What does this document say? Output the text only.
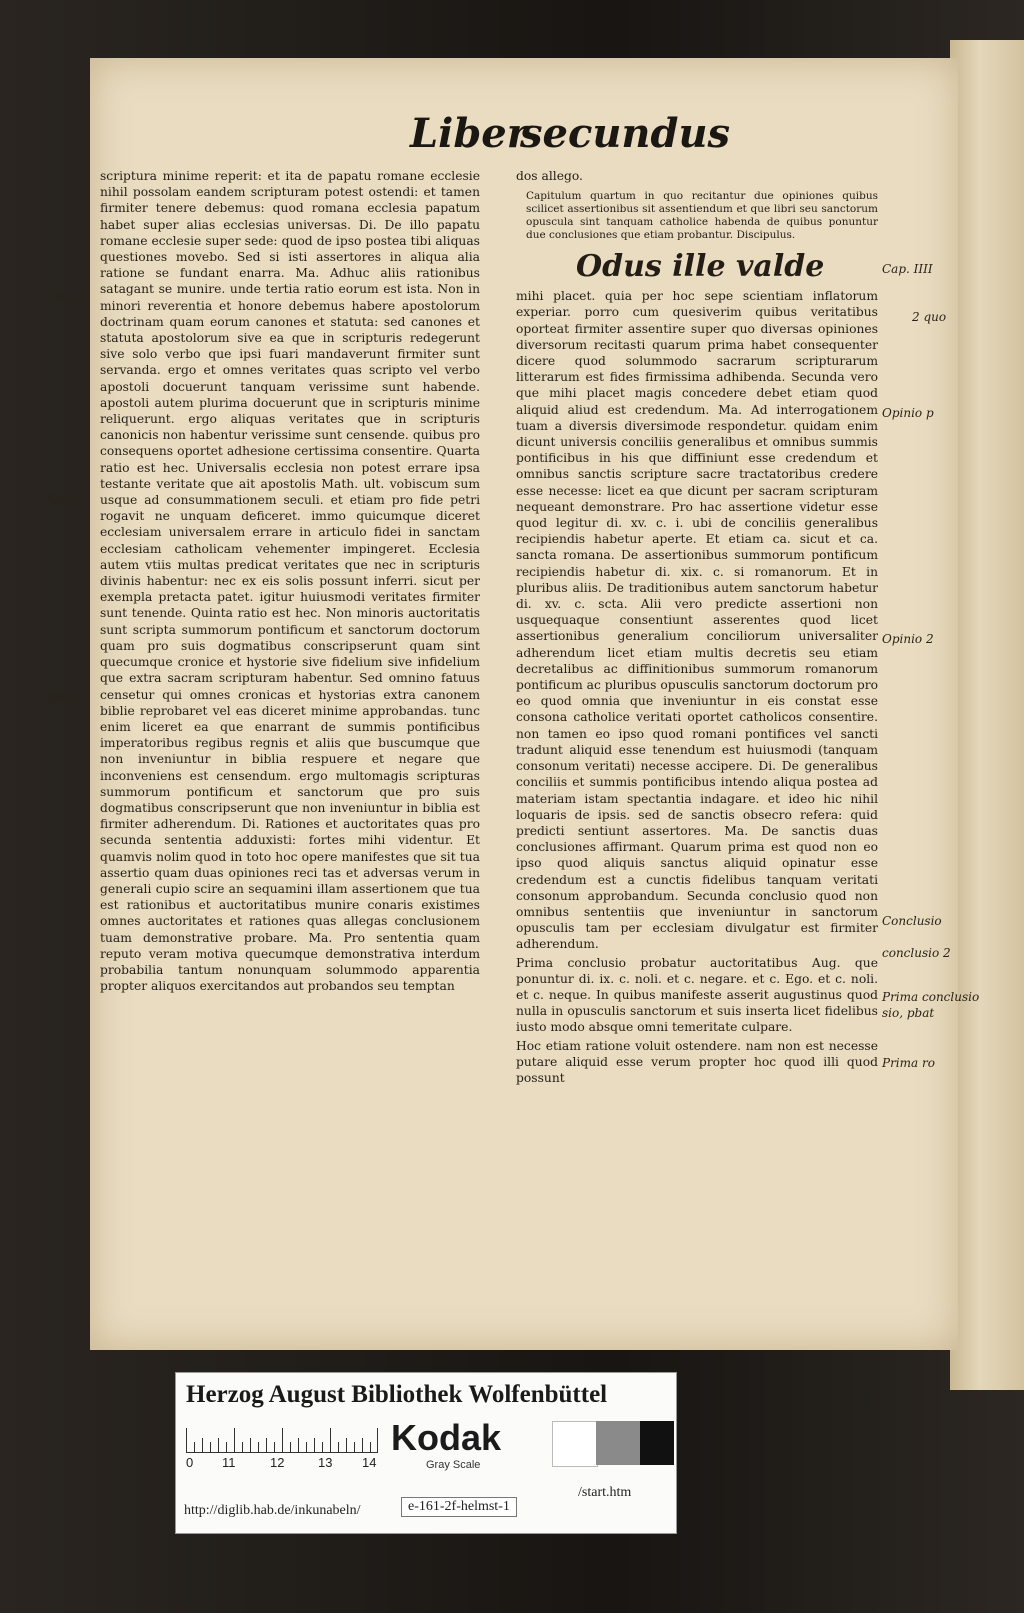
Liber
secundus

scriptura minime reperit: et ita de papatu romane ecclesie nihil possolam eandem scripturam potest ostendi: et tamen firmiter tenere debemus: quod romana ecclesia papatum habet super alias ecclesias universas. Di. De illo papatu romane ecclesie super sede: quod de ipso postea tibi aliquas questiones movebo. Sed si isti assertores in aliqua alia ratione se fundant enarra. Ma. Adhuc aliis rationibus satagant se munire. unde tertia ratio eorum est ista. Non in minori reverentia et honore debemus habere apostolorum doctrinam quam eorum canones et statuta: sed canones et statuta apostolorum sive ea que in scripturis redegerunt sive solo verbo que ipsi fuari mandaverunt firmiter sunt servanda. ergo et omnes veritates quas scripto vel verbo apostoli docuerunt tanquam verissime sunt habende. apostoli autem plurima docuerunt que in scripturis minime reliquerunt. ergo aliquas veritates que in scripturis canonicis non habentur verissime sunt censende. quibus pro consequens oportet adhesione certissima consentire. Quarta ratio est hec. Universalis ecclesia non potest errare ipsa testante veritate que ait apostolis Math. ult. vobiscum sum usque ad consummationem seculi. et etiam pro fide petri rogavit ne unquam deficeret. immo quicumque diceret ecclesiam universalem errare in articulo fidei in sanctam ecclesiam catholicam vehementer impingeret. Ecclesia autem vtiis multas predicat veritates que nec in scripturis divinis habentur: nec ex eis solis possunt inferri. sicut per exempla pretacta patet. igitur huiusmodi veritates firmiter sunt tenende. Quinta ratio est hec. Non minoris auctoritatis sunt scripta summorum pontificum et sanctorum doctorum quam pro suis dogmatibus conscripserunt quam sint quecumque cronice et hystorie sive fidelium sive infidelium que extra sacram scripturam habentur. Sed omnino fatuus censetur qui omnes cronicas et hystorias extra canonem biblie reprobaret vel eas diceret minime approbandas. tunc enim liceret ea que enarrant de summis pontificibus imperatoribus regibus regnis et aliis que buscumque que non inveniuntur in biblia respuere et negare que inconveniens est censendum. ergo multomagis scripturas summorum pontificum et sanctorum que pro suis dogmatibus conscripserunt que non inveniuntur in biblia est firmiter adherendum. Di. Rationes et auctoritates quas pro secunda sententia adduxisti: fortes mihi videntur. Et quamvis nolim quod in toto hoc opere manifestes que sit tua assertio quam duas opiniones reci tas et adversas verum in generali cupio scire an sequamini illam assertionem que tua est rationibus et auctoritatibus munire conaris existimes omnes auctoritates et rationes quas allegas conclusionem tuam demonstrative probare. Ma. Pro sententia quam reputo veram motiva quecumque demonstrativa interdum probabilia tantum nonunquam solummodo apparentia propter aliquos exercitandos aut probandos seu temptan

dos allego.

Capitulum quartum in quo recitantur due opiniones quibus scilicet assertionibus sit assentiendum et que libri seu sanctorum opuscula sint tanquam catholice habenda de quibus ponuntur due conclusiones que etiam probantur. Discipulus.

Odus ille valde

mihi placet. quia per hoc sepe scientiam inflatorum experiar. porro cum quesiverim quibus veritatibus oporteat firmiter assentire super quo diversas opiniones diversorum recitasti quarum prima habet consequenter dicere quod solummodo sacrarum scripturarum litterarum est fides firmissima adhibenda. Secunda vero que mihi placet magis concedere debet etiam quod aliquid aliud est credendum. Ma. Ad interrogationem tuam a diversis diversimode respondetur. quidam enim dicunt universis conciliis generalibus et omnibus summis pontificibus in his que diffiniunt esse credendum et omnibus sanctis scripture sacre tractatoribus credere esse necesse: licet ea que dicunt per sacram scripturam nequeant demonstrare. Pro hac assertione videtur esse quod legitur di. xv. c. i. ubi de conciliis generalibus recipiendis habetur aperte. Et etiam ca. sicut et ca. sancta romana. De assertionibus summorum pontificum recipiendis habetur di. xix. c. si romanorum. Et in pluribus aliis. De traditionibus autem sanctorum habetur di. xv. c. scta. Alii vero predicte assertioni non usquequaque consentiunt asserentes quod licet assertionibus generalium conciliorum universaliter adherendum licet etiam multis decretis seu etiam decretalibus ac diffinitionibus summorum romanorum pontificum ac pluribus opusculis sanctorum doctorum pro eo quod omnia que inveniuntur in eis constat esse consona catholice veritati oportet catholicos consentire. non tamen eo ipso quod romani pontifices vel sancti tradunt aliquid esse tenendum est huiusmodi (tanquam consonum veritati) necesse accipere. Di. De generalibus conciliis et summis pontificibus intendo aliqua postea ad materiam istam spectantia indagare. et ideo hic nihil loquaris de ipsis. sed de sanctis obsecro refera: quid predicti sentiunt assertores. Ma. De sanctis duas conclusiones affirmant. Quarum prima est quod non eo ipso quod aliquis sanctus aliquid opinatur esse credendum est a cunctis fidelibus tanquam veritati consonum approbandum. Secunda conclusio quod non omnibus sententiis que inveniuntur in sanctorum opusculis tam per ecclesiam divulgatur est firmiter adherendum.

Prima conclusio probatur auctoritatibus Aug. que ponuntur di. ix. c. noli. et c. negare. et c. Ego. et c. noli. et c. neque. In quibus manifeste asserit augustinus quod nulla in opusculis sanctorum et suis inserta licet fidelibus iusto modo absque omni temeritate culpare.

Hoc etiam ratione voluit ostendere. nam non est necesse putare aliquid esse verum propter hoc quod illi quod possunt

Tercia
Quarta
Quinta
Cap. IIII
2 quo
Opinio p
Opinio 2
Conclusio
conclusio 2
Prima conclusio
sio, pbat
Prima ro
Herzog August Bibliothek Wolfenbüttel
0 11	12	13 14
Kodak
Gray Scale
http://diglib.hab.de/inkunabeln/	e-161-2f-helmst-1
/start.htm
